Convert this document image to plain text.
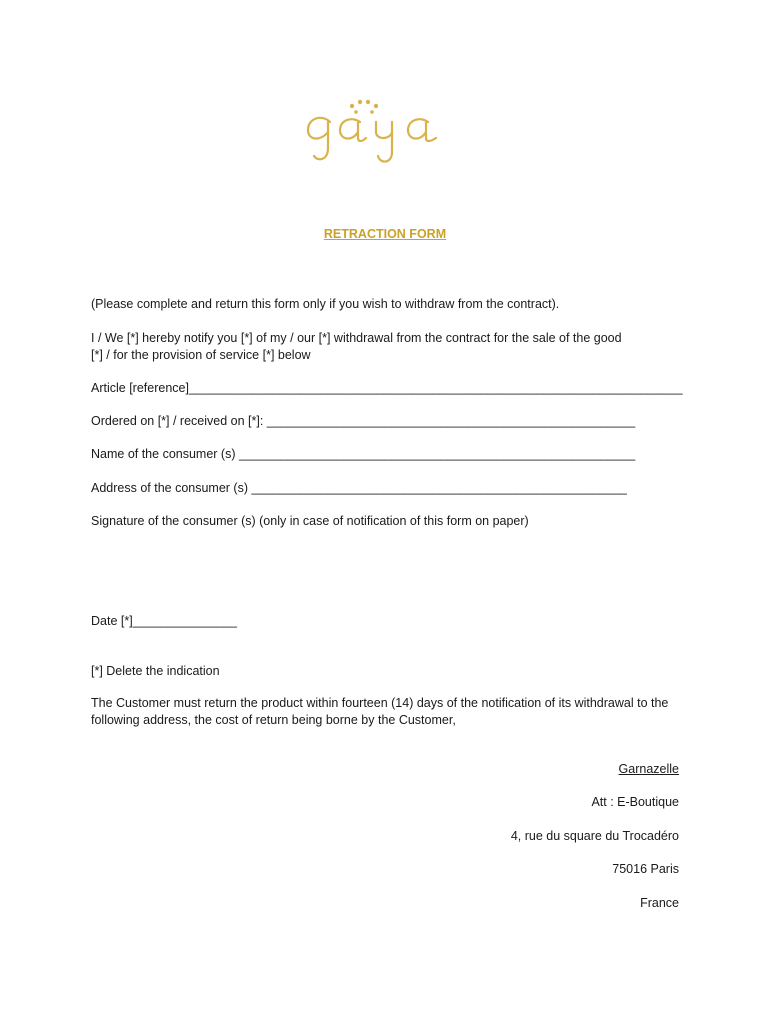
RETRACTION FORM
(Please complete and return this form only if you wish to withdraw from the contract).
I / We [*] hereby notify you [*] of my / our [*] withdrawal from the contract for the sale of the good
[*] / for the provision of service [*] below
Article [reference]_______________________________________________________________________
Ordered on [*] / received on [*]: _____________________________________________________
Name of the consumer (s) _________________________________________________________
Address of the consumer (s) ______________________________________________________
Signature of the consumer (s) (only in case of notification of this form on paper)
Date [*]_______________
[*] Delete the indication
The Customer must return the product within fourteen (14) days of the notification of its withdrawal to the following address, the cost of return being borne by the Customer,
Garnazelle
Att : E-Boutique
4, rue du square du Trocadéro
75016 Paris
France
